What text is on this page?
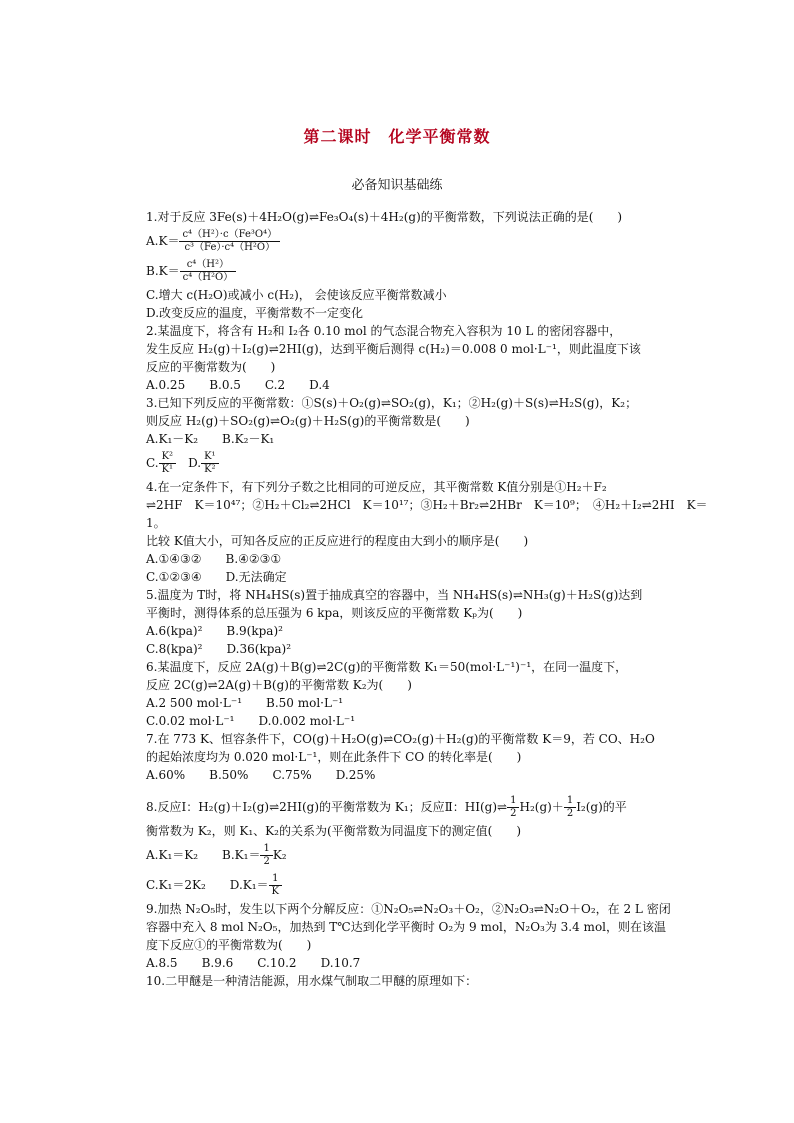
第二课时　化学平衡常数
必备知识基础练
1.对于反应 3Fe(s)＋4H₂O(g)⇌Fe₃O₄(s)＋4H₂(g)的平衡常数，下列说法正确的是(　　)
$A.K= \frac{\text{c⁴（H²）·c（Fe³O⁴）}}{\text{c³（Fe）·c⁴（H²O）}}$
$B.K= \frac{\text{c⁴（H²）}}{\text{c⁴（H²O）}}$
C.增大 c(H₂O)或减小 c(H₂)， 会使该反应平衡常数减小
D.改变反应的温度，平衡常数不一定变化
2.某温度下，将含有 H₂和 I₂各 0.10 mol 的气态混合物充入容积为 10 L 的密闭容器中，
发生反应 H₂(g)＋I₂(g)⇌2HI(g)，达到平衡后测得 c(H₂)＝0.008 0 mol·L⁻¹，则此温度下该
反应的平衡常数为(　　)
A.0.25　　B.0.5　　C.2　　D.4
3.已知下列反应的平衡常数：①S(s)＋O₂(g)⇌SO₂(g)，K₁；②H₂(g)＋S(s)⇌H₂S(g)，K₂；
则反应 H₂(g)＋SO₂(g)⇌O₂(g)＋H₂S(g)的平衡常数是(　　)
A.K₁－K₂　　B.K₂－K₁
C. $\frac{\text{K²}}{\text{K¹}}$ 　D. $\frac{\text{K¹}}{\text{K²}}$
4.在一定条件下，有下列分子数之比相同的可逆反应，其平衡常数 K值分别是①H₂＋F₂
⇌2HF　K＝10⁴⁷；②H₂＋Cl₂⇌2HCl　K＝10¹⁷；③H₂＋Br₂⇌2HBr　K＝10⁹；　④H₂＋I₂⇌2HI　K＝
1。
比较 K值大小，可知各反应的正反应进行的程度由大到小的顺序是(　　)
A.①④③②　　B.④②③①
C.①②③④　　D.无法确定
5.温度为 T时，将 NH₄HS(s)置于抽成真空的容器中，当 NH₄HS(s)⇌NH₃(g)＋H₂S(g)达到
平衡时，测得体系的总压强为 6 kpa，则该反应的平衡常数 Kₚ为(　　)
A.6(kpa)²　　B.9(kpa)²
C.8(kpa)²　　D.36(kpa)²
6.某温度下，反应 2A(g)＋B(g)⇌2C(g)的平衡常数 K₁＝50(mol·L⁻¹)⁻¹，在同一温度下，
反应 2C(g)⇌2A(g)＋B(g)的平衡常数 K₂为(　　)
A.2 500 mol·L⁻¹　　B.50 mol·L⁻¹
C.0.02 mol·L⁻¹　　D.0.002 mol·L⁻¹
7.在 773 K、恒容条件下，CO(g)＋H₂O(g)⇌CO₂(g)＋H₂(g)的平衡常数 K＝9，若 CO、H₂O
的起始浓度均为 0.020 mol·L⁻¹，则在此条件下 CO 的转化率是(　　)
A.60%　　B.50%　　C.75%　　D.25%
8.反应Ⅰ：H₂(g)＋I₂(g)⇌2HI(g)的平衡常数为 K₁；反应Ⅱ：HI(g)⇌ $\frac{1}{2} H_2(g)+ \frac{1}{2} I_2(g)$的平
衡常数为 K₂，则 K₁、K₂的关系为(平衡常数为同温度下的测定值(　　)
A.K₁＝K₂　　$B.K_1= \frac{1}{2} K_2$
C.K₁＝2K₂　　$D.K_1= \frac{1}{K}$
9.加热 N₂O₅时，发生以下两个分解反应：①N₂O₅⇌N₂O₃＋O₂，②N₂O₃⇌N₂O＋O₂，在 2 L 密闭
容器中充入 8 mol N₂O₅，加热到 T℃达到化学平衡时 O₂为 9 mol，N₂O₃为 3.4 mol，则在该温
度下反应①的平衡常数为(　　)
A.8.5　　B.9.6　　C.10.2　　D.10.7
10.二甲醚是一种清洁能源，用水煤气制取二甲醚的原理如下：
